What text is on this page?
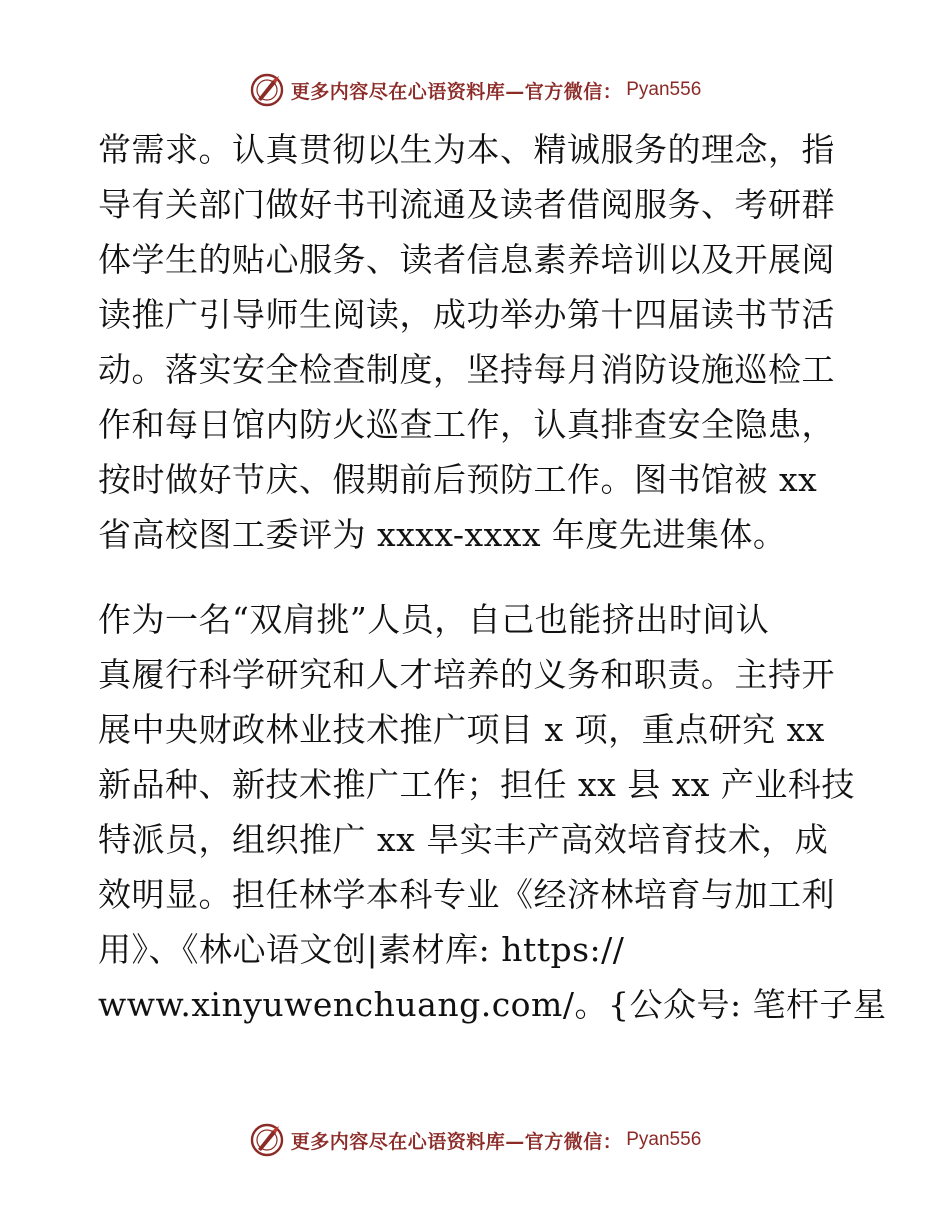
更多内容尽在心语资料库—官方微信： Pyan556
常需求。认真贯彻以生为本、精诚服务的理念，指
导有关部门做好书刊流通及读者借阅服务、考研群
体学生的贴心服务、读者信息素养培训以及开展阅
读推广引导师生阅读，成功举办第十四届读书节活
动。落实安全检查制度，坚持每月消防设施巡检工
作和每日馆内防火巡查工作，认真排查安全隐患，
按时做好节庆、假期前后预防工作。图书馆被 xx
省高校图工委评为 xxxx-xxxx 年度先进集体。
作为一名“双肩挑”人员，自己也能挤出时间认
真履行科学研究和人才培养的义务和职责。主持开
展中央财政林业技术推广项目 x 项，重点研究 xx
新品种、新技术推广工作；担任 xx 县 xx 产业科技
特派员，组织推广 xx 旱实丰产高效培育技术，成
效明显。担任林学本科专业《经济林培育与加工利
用》、《林心语文创|素材库: https://
www.xinyuwenchuang.com/。{公众号: 笔杆子星
更多内容尽在心语资料库—官方微信： Pyan556
